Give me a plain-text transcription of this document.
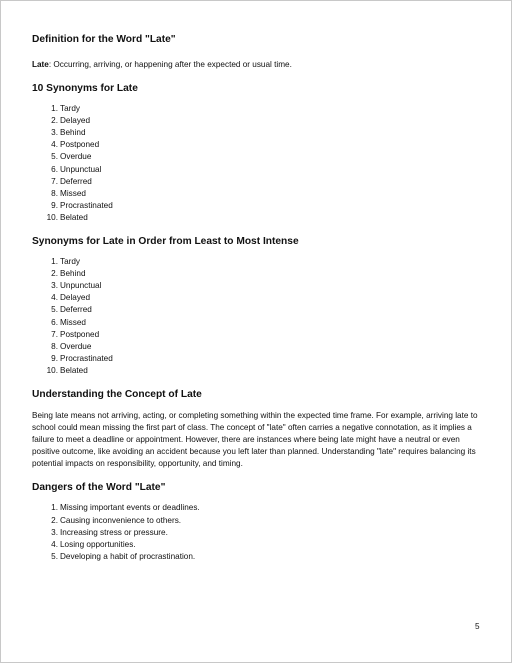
Definition for the Word "Late"

Late: Occurring, arriving, or happening after the expected or usual time.

10 Synonyms for Late
1. Tardy
2. Delayed
3. Behind
4. Postponed
5. Overdue
6. Unpunctual
7. Deferred
8. Missed
9. Procrastinated
10. Belated
Synonyms for Late in Order from Least to Most Intense
1. Tardy
2. Behind
3. Unpunctual
4. Delayed
5. Deferred
6. Missed
7. Postponed
8. Overdue
9. Procrastinated
10. Belated
Understanding the Concept of Late

Being late means not arriving, acting, or completing something within the expected time frame. For example, arriving late to school could mean missing the first part of class. The concept of "late" often carries a negative connotation, as it implies a failure to meet a deadline or appointment. However, there are instances where being late might have a neutral or even positive outcome, like avoiding an accident because you left later than planned. Understanding "late" requires balancing its potential impacts on responsibility, opportunity, and timing.

Dangers of the Word "Late"
1. Missing important events or deadlines.
2. Causing inconvenience to others.
3. Increasing stress or pressure.
4. Losing opportunities.
5. Developing a habit of procrastination.
5
